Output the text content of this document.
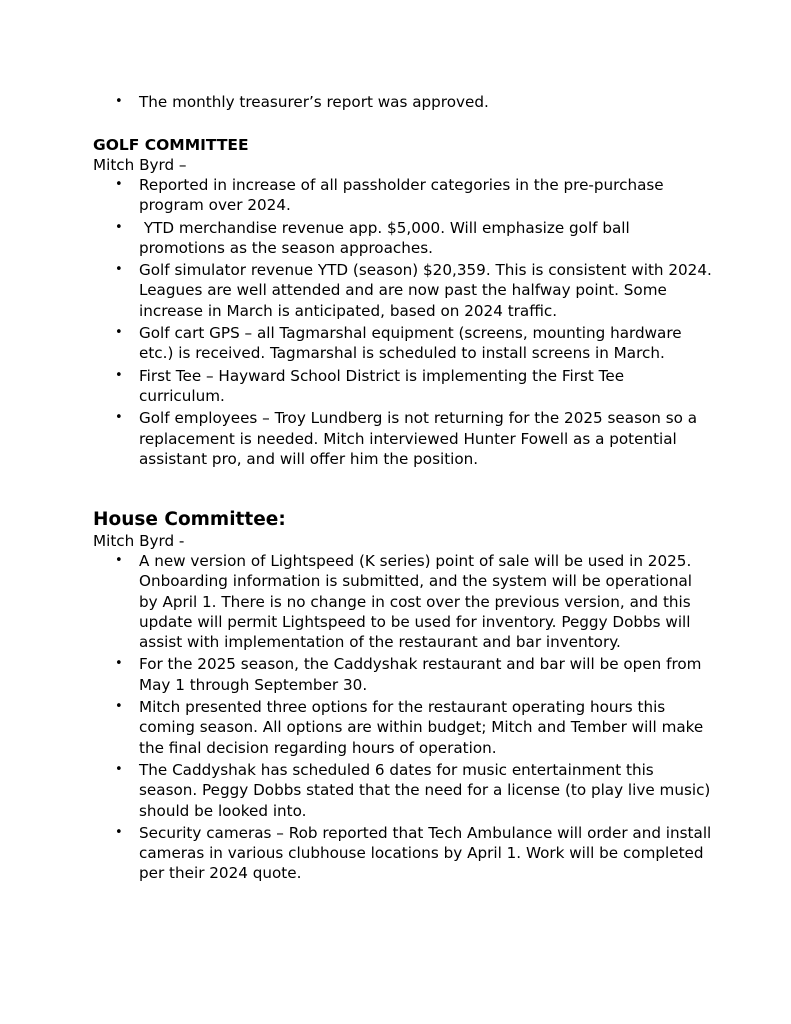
• The monthly treasurer’s report was approved.
GOLF COMMITTEE
Mitch Byrd –
• Reported in increase of all passholder categories in the pre-purchase program over 2024.
• YTD merchandise revenue app. $5,000. Will emphasize golf ball promotions as the season approaches.
• Golf simulator revenue YTD (season) $20,359. This is consistent with 2024. Leagues are well attended and are now past the halfway point. Some increase in March is anticipated, based on 2024 traffic.
• Golf cart GPS – all Tagmarshal equipment (screens, mounting hardware etc.) is received. Tagmarshal is scheduled to install screens in March.
• First Tee – Hayward School District is implementing the First Tee curriculum.
• Golf employees – Troy Lundberg is not returning for the 2025 season so a replacement is needed. Mitch interviewed Hunter Fowell as a potential assistant pro, and will offer him the position.
House Committee:
Mitch Byrd -
• A new version of Lightspeed (K series) point of sale will be used in 2025. Onboarding information is submitted, and the system will be operational by April 1. There is no change in cost over the previous version, and this update will permit Lightspeed to be used for inventory. Peggy Dobbs will assist with implementation of the restaurant and bar inventory.
• For the 2025 season, the Caddyshak restaurant and bar will be open from May 1 through September 30.
• Mitch presented three options for the restaurant operating hours this coming season. All options are within budget; Mitch and Tember will make the final decision regarding hours of operation.
• The Caddyshak has scheduled 6 dates for music entertainment this season. Peggy Dobbs stated that the need for a license (to play live music) should be looked into.
• Security cameras – Rob reported that Tech Ambulance will order and install cameras in various clubhouse locations by April 1. Work will be completed per their 2024 quote.
